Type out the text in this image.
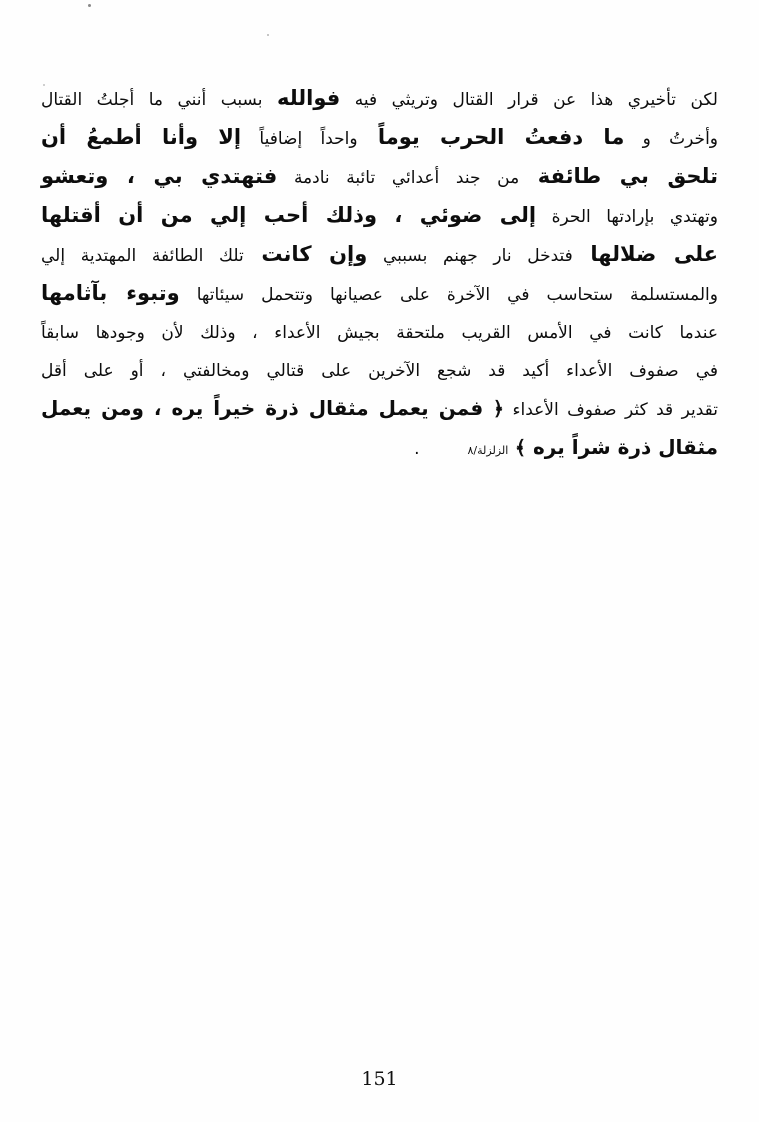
لكن تأخيري هذا عن قرار القتال وتريثي فيه فوالله بسبب أنني ما أجلتُ القتال
وأخرتُ و ما دفعتُ الحرب يوماً واحداً إضافياً إلا وأنا أطمعُ أن
تلحق بي طائفة من جند أعدائي تائبة نادمة فتهتدي بي ، وتعشو
وتهتدي بإرادتها الحرة إلى ضوئي ، وذلك أحب إلي من أن أقتلها
على ضلالها فتدخل نار جهنم بسببي وإن كانت تلك الطائفة المهتدية إلي
والمستسلمة ستحاسب في الآخرة على عصيانها وتتحمل سيئاتها وتبوء بآثامها
عندما كانت في الأمس القريب ملتحقة بجيش الأعداء ، وذلك لأن وجودها سابقاً
في صفوف الأعداء أكيد قد شجع الآخرين على قتالي ومخالفتي ، أو على أقل
تقدير قد كثر صفوف الأعداء ﴿ فمن يعمل مثقال ذرة خيراً يره ، ومن يعمل
مثقال ذرة شراً يره ﴾ الزلزلة/٨.
151
